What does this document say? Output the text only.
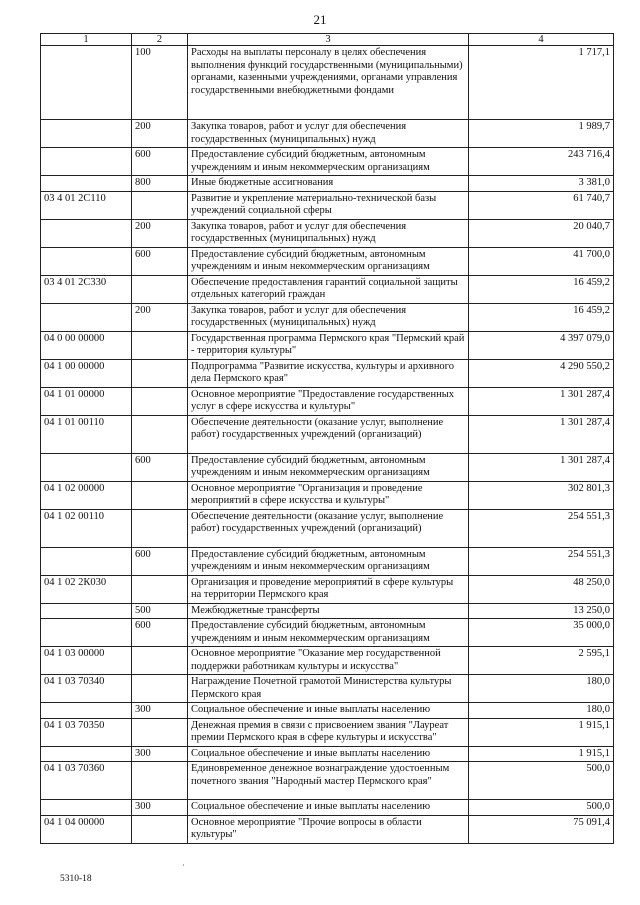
21
1	2	3	4
	100	Расходы на выплаты персоналу в целях обеспечения выполнения функций государственными (муниципальными) органами, казенными учреждениями, органами управления государственными внебюджетными фондами	1 717,1
	200	Закупка товаров, работ и услуг для обеспечения государственных (муниципальных) нужд	1 989,7
	600	Предоставление субсидий бюджетным, автономным учреждениям и иным некоммерческим организациям	243 716,4
	800	Иные бюджетные ассигнования	3 381,0
03 4 01 2С110		Развитие и укрепление материально-технической базы учреждений социальной сферы	61 740,7
	200	Закупка товаров, работ и услуг для обеспечения государственных (муниципальных) нужд	20 040,7
	600	Предоставление субсидий бюджетным, автономным учреждениям и иным некоммерческим организациям	41 700,0
03 4 01 2С330		Обеспечение предоставления гарантий социальной защиты отдельных категорий граждан	16 459,2
	200	Закупка товаров, работ и услуг для обеспечения государственных (муниципальных) нужд	16 459,2
04 0 00 00000		Государственная программа Пермского края "Пермский край - территория культуры"	4 397 079,0
04 1 00 00000		Подпрограмма "Развитие искусства, культуры и архивного дела Пермского края"	4 290 550,2
04 1 01 00000		Основное мероприятие "Предоставление государственных услуг в сфере искусства и культуры"	1 301 287,4
04 1 01 00110		Обеспечение деятельности (оказание услуг, выполнение работ) государственных учреждений (организаций)	1 301 287,4
	600	Предоставление субсидий бюджетным, автономным учреждениям и иным некоммерческим организациям	1 301 287,4
04 1 02 00000		Основное мероприятие "Организация и проведение мероприятий в сфере искусства и культуры"	302 801,3
04 1 02 00110		Обеспечение деятельности (оказание услуг, выполнение работ) государственных учреждений (организаций)	254 551,3
	600	Предоставление субсидий бюджетным, автономным учреждениям и иным некоммерческим организациям	254 551,3
04 1 02 2К030		Организация и проведение мероприятий в сфере культуры на территории Пермского края	48 250,0
	500	Межбюджетные трансферты	13 250,0
	600	Предоставление субсидий бюджетным, автономным учреждениям и иным некоммерческим организациям	35 000,0
04 1 03 00000		Основное мероприятие "Оказание мер государственной поддержки работникам культуры и искусства"	2 595,1
04 1 03 70340		Награждение Почетной грамотой Министерства культуры Пермского края	180,0
	300	Социальное обеспечение и иные выплаты населению	180,0
04 1 03 70350		Денежная премия в связи с присвоением звания "Лауреат премии Пермского края в сфере культуры и искусства"	1 915,1
	300	Социальное обеспечение и иные выплаты населению	1 915,1
04 1 03 70360		Единовременное денежное вознаграждение удостоенным почетного звания "Народный мастер Пермского края"	500,0
	300	Социальное обеспечение и иные выплаты населению	500,0
04 1 04 00000		Основное мероприятие "Прочие вопросы в области культуры"	75 091,4
·
5310-18
